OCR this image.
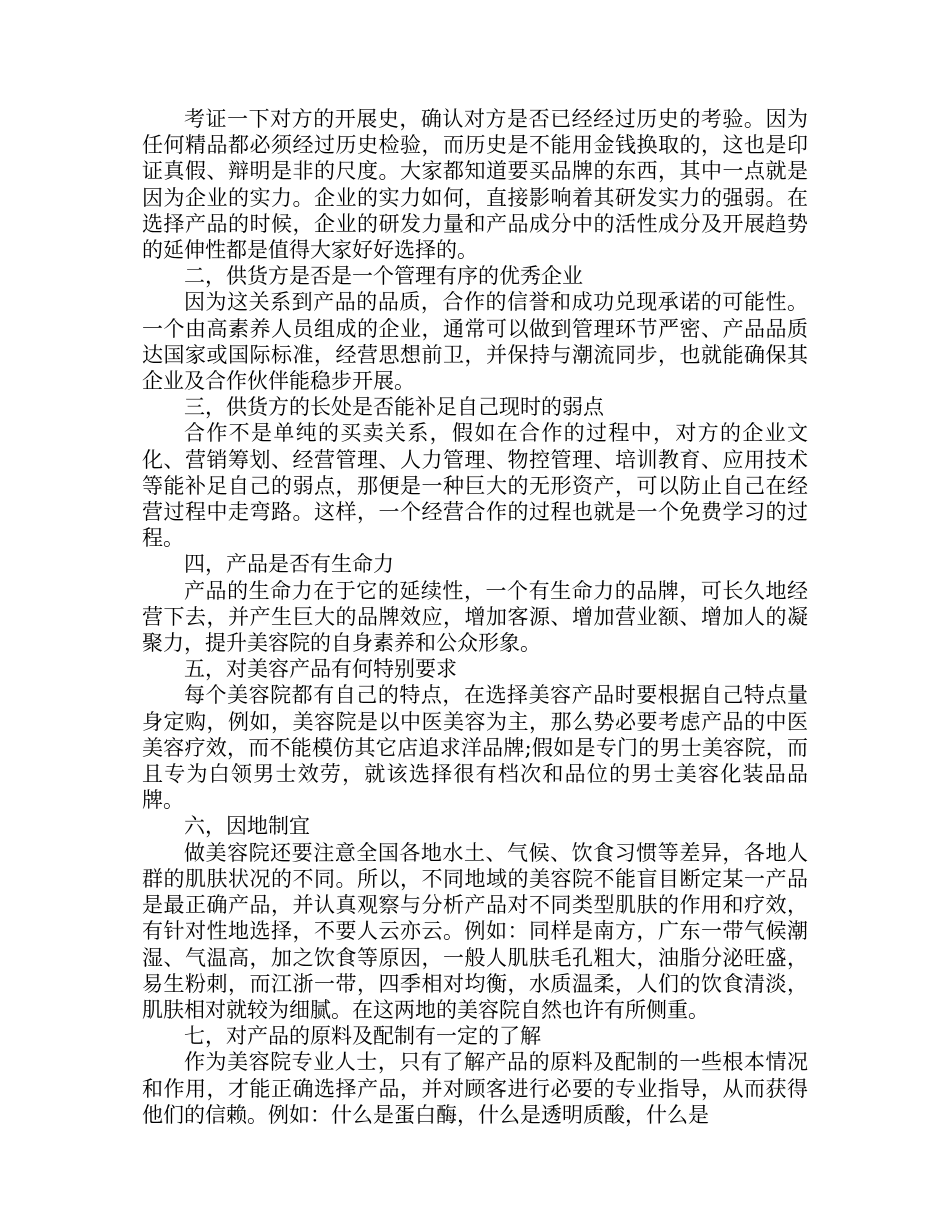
考证一下对方的开展史，确认对方是否已经经过历史的考验。因为任何精品都必须经过历史检验，而历史是不能用金钱换取的，这也是印证真假、辩明是非的尺度。大家都知道要买品牌的东西，其中一点就是因为企业的实力。企业的实力如何，直接影响着其研发实力的强弱。在选择产品的时候，企业的研发力量和产品成分中的活性成分及开展趋势的延伸性都是值得大家好好选择的。

二，供货方是否是一个管理有序的优秀企业

因为这关系到产品的品质，合作的信誉和成功兑现承诺的可能性。一个由高素养人员组成的企业，通常可以做到管理环节严密、产品品质达国家或国际标准，经营思想前卫，并保持与潮流同步，也就能确保其企业及合作伙伴能稳步开展。

三，供货方的长处是否能补足自己现时的弱点

合作不是单纯的买卖关系，假如在合作的过程中，对方的企业文化、营销筹划、经营管理、人力管理、物控管理、培训教育、应用技术等能补足自己的弱点，那便是一种巨大的无形资产，可以防止自己在经营过程中走弯路。这样，一个经营合作的过程也就是一个免费学习的过程。

四，产品是否有生命力

产品的生命力在于它的延续性，一个有生命力的品牌，可长久地经营下去，并产生巨大的品牌效应，增加客源、增加营业额、增加人的凝聚力，提升美容院的自身素养和公众形象。

五，对美容产品有何特别要求

每个美容院都有自己的特点，在选择美容产品时要根据自己特点量身定购，例如，美容院是以中医美容为主，那么势必要考虑产品的中医美容疗效，而不能模仿其它店追求洋品牌;假如是专门的男士美容院，而且专为白领男士效劳，就该选择很有档次和品位的男士美容化装品品牌。

六，因地制宜

做美容院还要注意全国各地水土、气候、饮食习惯等差异，各地人群的肌肤状况的不同。所以，不同地域的美容院不能盲目断定某一产品是最正确产品，并认真观察与分析产品对不同类型肌肤的作用和疗效，有针对性地选择，不要人云亦云。例如：同样是南方，广东一带气候潮湿、气温高，加之饮食等原因，一般人肌肤毛孔粗大，油脂分泌旺盛，易生粉刺，而江浙一带，四季相对均衡，水质温柔，人们的饮食清淡，肌肤相对就较为细腻。在这两地的美容院自然也许有所侧重。

七，对产品的原料及配制有一定的了解

作为美容院专业人士，只有了解产品的原料及配制的一些根本情况和作用，才能正确选择产品，并对顾客进行必要的专业指导，从而获得他们的信赖。例如：什么是蛋白酶，什么是透明质酸，什么是
